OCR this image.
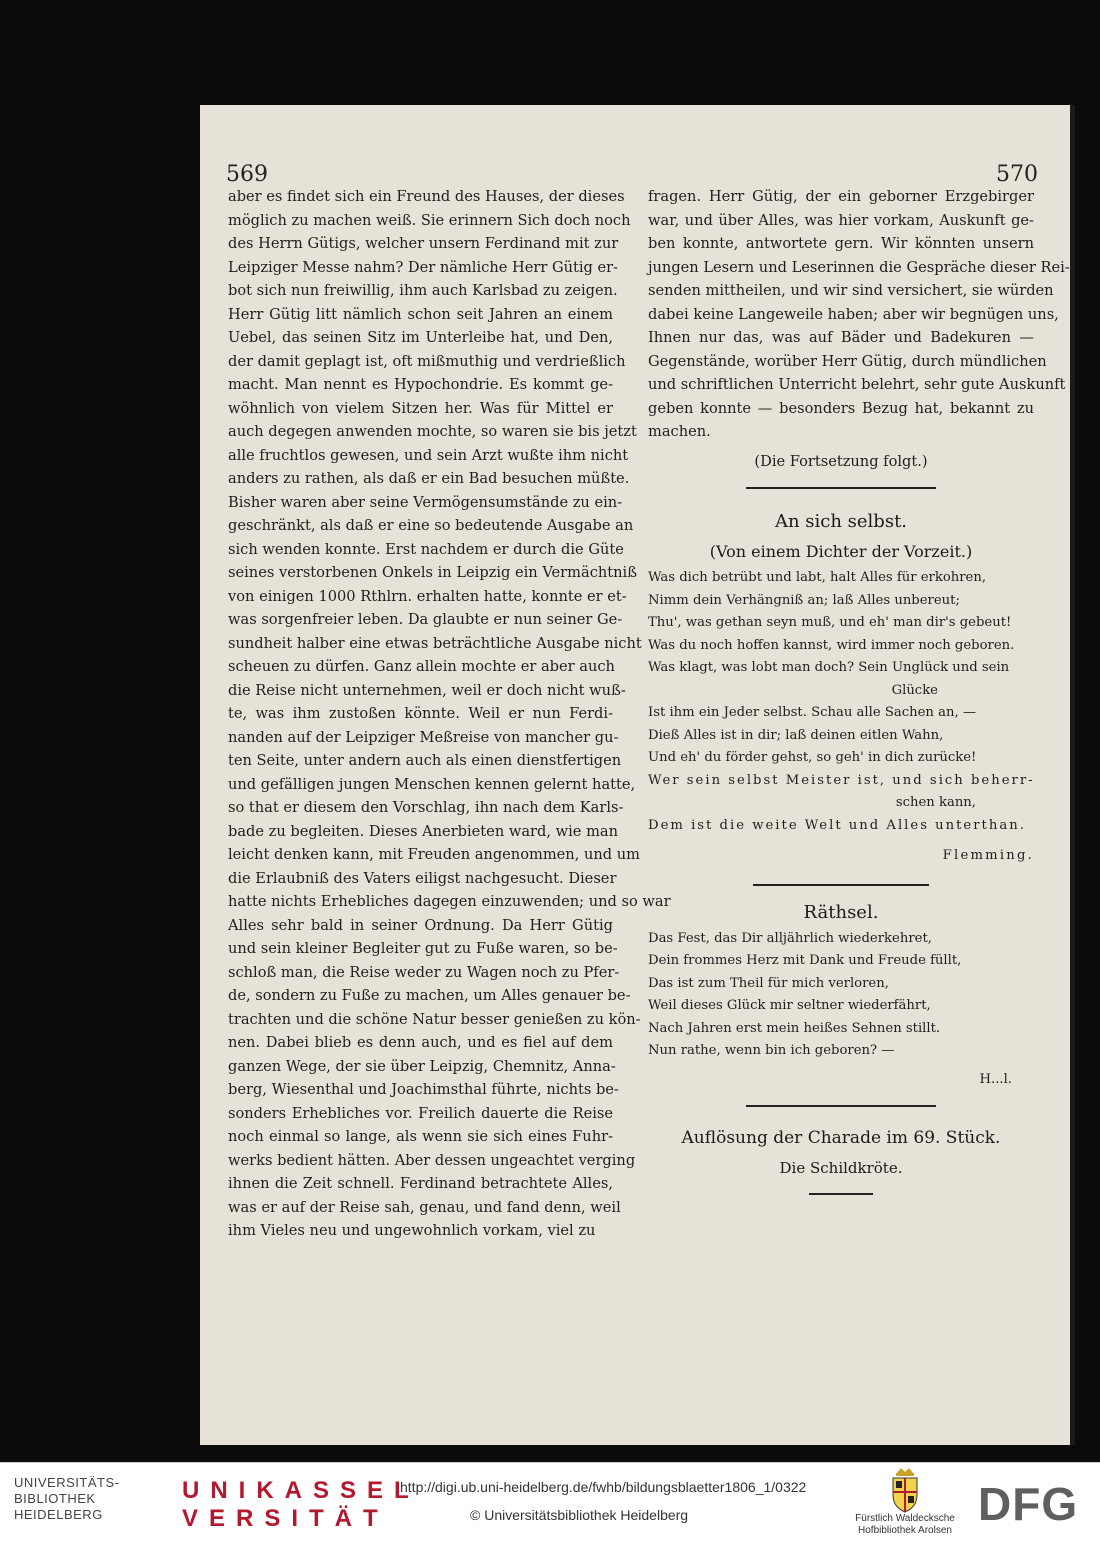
569	570
aber es findet sich ein Freund des Hauses, der dieses
möglich zu machen weiß. Sie erinnern Sich doch noch
des Herrn Gütigs, welcher unsern Ferdinand mit zur
Leipziger Messe nahm? Der nämliche Herr Gütig er-
bot sich nun freiwillig, ihm auch Karlsbad zu zeigen.
Herr Gütig litt nämlich schon seit Jahren an einem
Uebel, das seinen Sitz im Unterleibe hat, und Den,
der damit geplagt ist, oft mißmuthig und verdrießlich
macht. Man nennt es Hypochondrie. Es kommt ge-
wöhnlich von vielem Sitzen her. Was für Mittel er
auch degegen anwenden mochte, so waren sie bis jetzt
alle fruchtlos gewesen, und sein Arzt wußte ihm nicht
anders zu rathen, als daß er ein Bad besuchen müßte.
Bisher waren aber seine Vermögensumstände zu ein-
geschränkt, als daß er eine so bedeutende Ausgabe an
sich wenden konnte. Erst nachdem er durch die Güte
seines verstorbenen Onkels in Leipzig ein Vermächtniß
von einigen 1000 Rthlrn. erhalten hatte, konnte er et-
was sorgenfreier leben. Da glaubte er nun seiner Ge-
sundheit halber eine etwas beträchtliche Ausgabe nicht
scheuen zu dürfen. Ganz allein mochte er aber auch
die Reise nicht unternehmen, weil er doch nicht wuß-
te, was ihm zustoßen könnte. Weil er nun Ferdi-
nanden auf der Leipziger Meßreise von mancher gu-
ten Seite, unter andern auch als einen dienstfertigen
und gefälligen jungen Menschen kennen gelernt hatte,
so that er diesem den Vorschlag, ihn nach dem Karls-
bade zu begleiten. Dieses Anerbieten ward, wie man
leicht denken kann, mit Freuden angenommen, und um
die Erlaubniß des Vaters eiligst nachgesucht. Dieser
hatte nichts Erhebliches dagegen einzuwenden; und so war
Alles sehr bald in seiner Ordnung. Da Herr Gütig
und sein kleiner Begleiter gut zu Fuße waren, so be-
schloß man, die Reise weder zu Wagen noch zu Pfer-
de, sondern zu Fuße zu machen, um Alles genauer be-
trachten und die schöne Natur besser genießen zu kön-
nen. Dabei blieb es denn auch, und es fiel auf dem
ganzen Wege, der sie über Leipzig, Chemnitz, Anna-
berg, Wiesenthal und Joachimsthal führte, nichts be-
sonders Erhebliches vor. Freilich dauerte die Reise
noch einmal so lange, als wenn sie sich eines Fuhr-
werks bedient hätten. Aber dessen ungeachtet verging
ihnen die Zeit schnell. Ferdinand betrachtete Alles,
was er auf der Reise sah, genau, und fand denn, weil
ihm Vieles neu und ungewohnlich vorkam, viel zu
fragen. Herr Gütig, der ein geborner Erzgebirger
war, und über Alles, was hier vorkam, Auskunft ge-
ben konnte, antwortete gern. Wir könnten unsern
jungen Lesern und Leserinnen die Gespräche dieser Rei-
senden mittheilen, und wir sind versichert, sie würden
dabei keine Langeweile haben; aber wir begnügen uns,
Ihnen nur das, was auf Bäder und Badekuren —
Gegenstände, worüber Herr Gütig, durch mündlichen
und schriftlichen Unterricht belehrt, sehr gute Auskunft
geben konnte — besonders Bezug hat, bekannt zu
machen.
(Die Fortsetzung folgt.)
An sich selbst.
(Von einem Dichter der Vorzeit.)
Was dich betrübt und labt, halt Alles für erkohren,
Nimm dein Verhängniß an; laß Alles unbereut;
Thu', was gethan seyn muß, und eh' man dir's gebeut!
Was du noch hoffen kannst, wird immer noch geboren.
Was klagt, was lobt man doch? Sein Unglück und sein
Glücke
Ist ihm ein Jeder selbst. Schau alle Sachen an, —
Dieß Alles ist in dir; laß deinen eitlen Wahn,
Und eh' du förder gehst, so geh' in dich zurücke!
Wer sein selbst Meister ist, und sich beherr-
schen kann,
Dem ist die weite Welt und Alles unterthan.
Flemming.
Räthsel.
Das Fest, das Dir alljährlich wiederkehret,
Dein frommes Herz mit Dank und Freude füllt,
Das ist zum Theil für mich verloren,
Weil dieses Glück mir seltner wiederfährt,
Nach Jahren erst mein heißes Sehnen stillt.
Nun rathe, wenn bin ich geboren? —
H...l.
Auflösung der Charade im 69. Stück.
Die Schildkröte.
UNIVERSITÄTS-
BIBLIOTHEK
HEIDELBERG
UNIKASSEL
VERSITÄT
http://digi.ub.uni-heidelberg.de/fwhb/bildungsblaetter1806_1/0322
© Universitätsbibliothek Heidelberg	Fürstlich Waldecksche
Hofbibliothek Arolsen
DFG
